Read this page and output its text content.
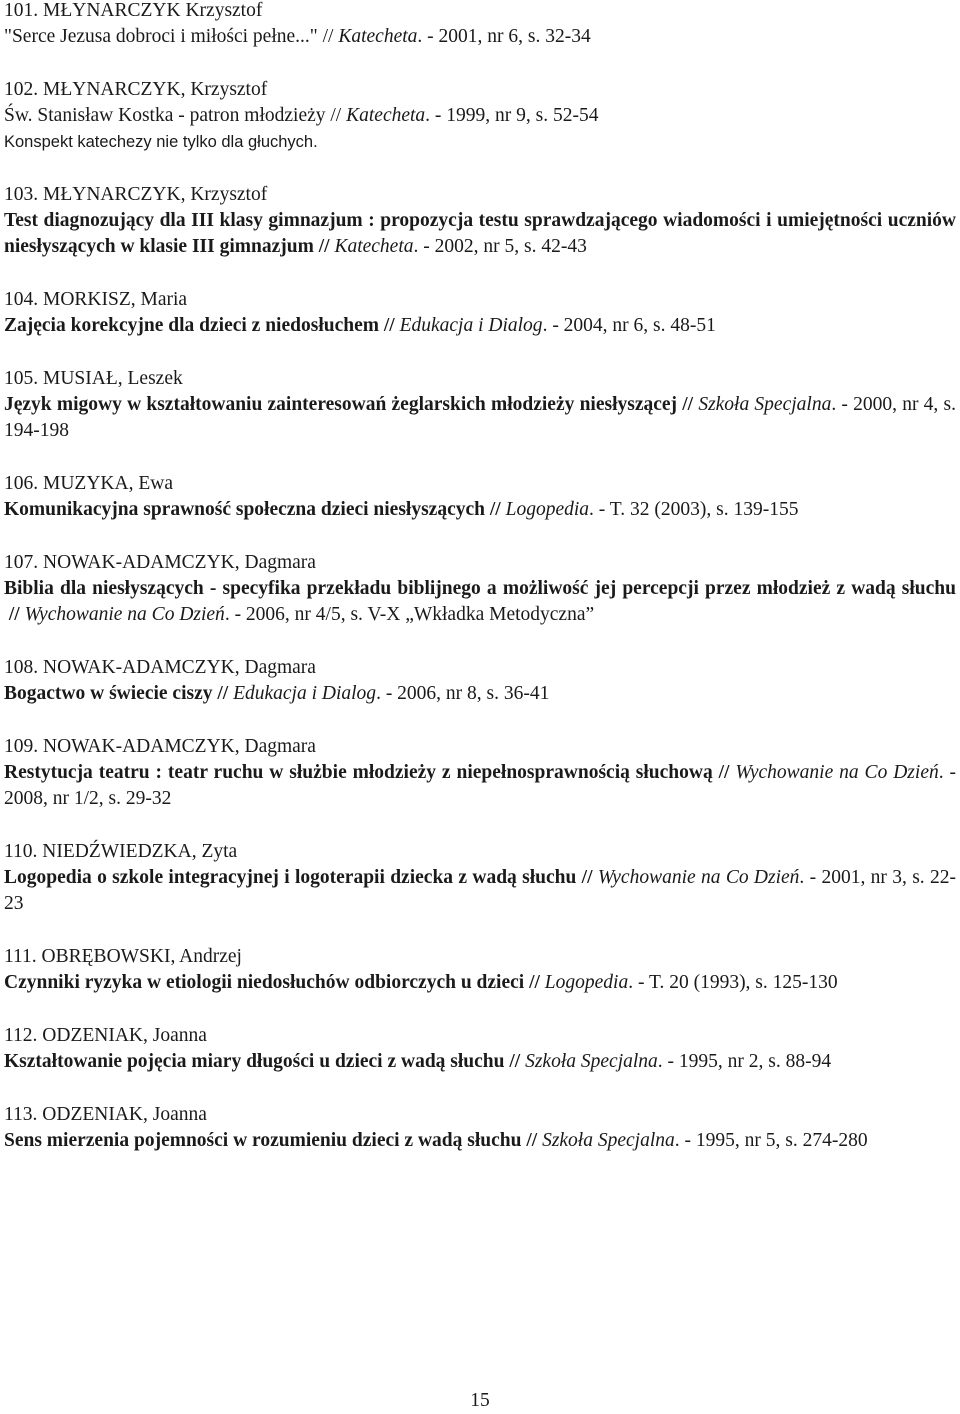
101. MŁYNARCZYK Krzysztof

"Serce Jezusa dobroci i miłości pełne..." // Katecheta. - 2001, nr 6, s. 32-34

102. MŁYNARCZYK, Krzysztof

Św. Stanisław Kostka - patron młodzieży // Katecheta. - 1999, nr 9, s. 52-54

Konspekt katechezy nie tylko dla głuchych.

103. MŁYNARCZYK, Krzysztof

Test diagnozujący dla III klasy gimnazjum : propozycja testu sprawdzającego wiadomości i umiejętności uczniów niesłyszących w klasie III gimnazjum // Katecheta. - 2002, nr 5, s. 42-43

104. MORKISZ, Maria

Zajęcia korekcyjne dla dzieci z niedosłuchem // Edukacja i Dialog. - 2004, nr 6, s. 48-51

105. MUSIAŁ, Leszek

Język migowy w kształtowaniu zainteresowań żeglarskich młodzieży niesłyszącej // Szkoła Specjalna. - 2000, nr 4, s. 194-198

106. MUZYKA, Ewa

Komunikacyjna sprawność społeczna dzieci niesłyszących // Logopedia. - T. 32 (2003), s. 139-155

107. NOWAK-ADAMCZYK, Dagmara

Biblia dla niesłyszących - specyfika przekładu biblijnego a możliwość jej percepcji przez młodzież z wadą słuchu // Wychowanie na Co Dzień. - 2006, nr 4/5, s. V-X „Wkładka Metodyczna”

108. NOWAK-ADAMCZYK, Dagmara

Bogactwo w świecie ciszy // Edukacja i Dialog. - 2006, nr 8, s. 36-41

109. NOWAK-ADAMCZYK, Dagmara

Restytucja teatru : teatr ruchu w służbie młodzieży z niepełnosprawnością słuchową // Wychowanie na Co Dzień. - 2008, nr 1/2, s. 29-32

110. NIEDŹWIEDZKA, Zyta

Logopedia o szkole integracyjnej i logoterapii dziecka z wadą słuchu // Wychowanie na Co Dzień. - 2001, nr 3, s. 22-23

111. OBRĘBOWSKI, Andrzej

Czynniki ryzyka w etiologii niedosłuchów odbiorczych u dzieci // Logopedia. - T. 20 (1993), s. 125-130

112. ODZENIAK, Joanna

Kształtowanie pojęcia miary długości u dzieci z wadą słuchu // Szkoła Specjalna. - 1995, nr 2, s. 88-94

113. ODZENIAK, Joanna

Sens mierzenia pojemności w rozumieniu dzieci z wadą słuchu // Szkoła Specjalna. - 1995, nr 5, s. 274-280

15
